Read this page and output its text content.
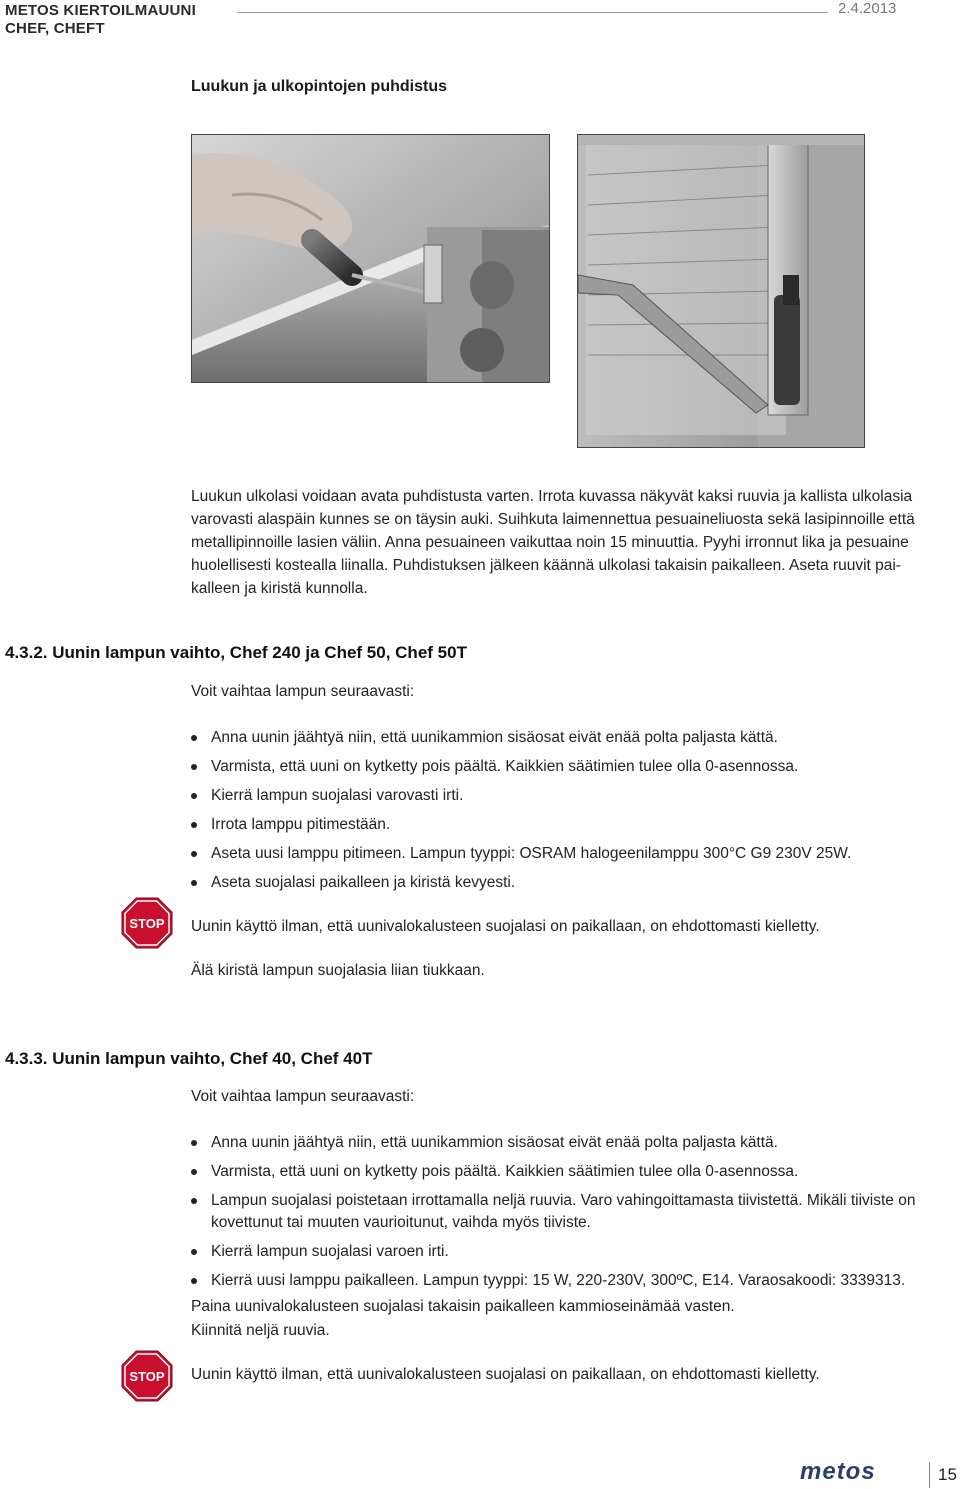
METOS KIERTOILMAUUNI
CHEF, CHEFT
2.4.2013
Luukun ja ulkopintojen puhdistus
Luukun ulkolasi voidaan avata puhdistusta varten. Irrota kuvassa näkyvät kaksi ruuvia ja kallista ulkolasia
varovasti alaspäin kunnes se on täysin auki. Suihkuta laimennettua pesuaineliuosta sekä lasipinnoille että
metallipinnoille lasien väliin. Anna pesuaineen vaikuttaa noin 15 minuuttia. Pyyhi irronnut lika ja pesuaine
huolellisesti kostealla liinalla. Puhdistuksen jälkeen käännä ulkolasi takaisin paikalleen. Aseta ruuvit pai-
kalleen ja kiristä kunnolla.
4.3.2. Uunin lampun vaihto, Chef 240 ja Chef 50, Chef 50T
Voit vaihtaa lampun seuraavasti:
Anna uunin jäähtyä niin, että uunikammion sisäosat eivät enää polta paljasta kättä.
Varmista, että uuni on kytketty pois päältä. Kaikkien säätimien tulee olla 0-asennossa.
Kierrä lampun suojalasi varovasti irti.
Irrota lamppu pitimestään.
Aseta uusi lamppu pitimeen. Lampun tyyppi: OSRAM halogeenilamppu 300°C G9 230V 25W.
Aseta suojalasi paikalleen ja kiristä kevyesti.
STOP Uunin käyttö ilman, että uunivalokalusteen suojalasi on paikallaan, on ehdottomasti kielletty.
Älä kiristä lampun suojalasia liian tiukkaan.
4.3.3. Uunin lampun vaihto, Chef 40, Chef 40T
Voit vaihtaa lampun seuraavasti:
Anna uunin jäähtyä niin, että uunikammion sisäosat eivät enää polta paljasta kättä.
Varmista, että uuni on kytketty pois päältä. Kaikkien säätimien tulee olla 0-asennossa.
Lampun suojalasi poistetaan irrottamalla neljä ruuvia. Varo vahingoittamasta tiivistettä. Mikäli tiiviste on kovettunut tai muuten vaurioitunut, vaihda myös tiiviste.
Kierrä lampun suojalasi varoen irti.
Kierrä uusi lamppu paikalleen. Lampun tyyppi: 15 W, 220-230V, 300ºC, E14. Varaosakoodi: 3339313.
Paina uunivalokalusteen suojalasi takaisin paikalleen kammioseinämää vasten.
Kiinnitä neljä ruuvia.
STOP Uunin käyttö ilman, että uunivalokalusteen suojalasi on paikallaan, on ehdottomasti kielletty.
metos	15
